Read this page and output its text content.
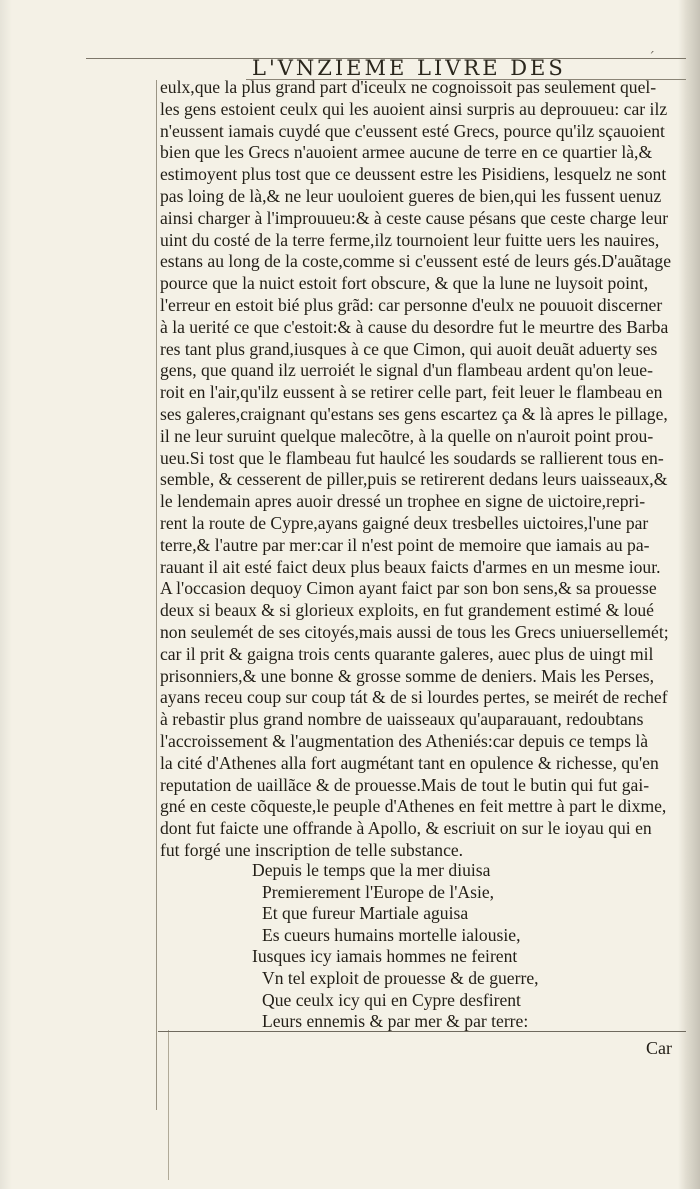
´
L'VNZIEME LIVRE DES
eulx,que la plus grand part d'iceulx ne cognoissoit pas seulement quel-
les gens estoient ceulx qui les auoient ainsi surpris au deprouueu: car ilz
n'eussent iamais cuydé que c'eussent esté Grecs, pource qu'ilz sçauoient
bien que les Grecs n'auoient armee aucune de terre en ce quartier là,&
estimoyent plus tost que ce deussent estre les Pisidiens, lesquelz ne sont
pas loing de là,& ne leur uouloient gueres de bien,qui les fussent uenuz
ainsi charger à l'improuueu:& à ceste cause pésans que ceste charge leur
uint du costé de la terre ferme,ilz tournoient leur fuitte uers les nauires,
estans au long de la coste,comme si c'eussent esté de leurs gés.D'auãtage
pource que la nuict estoit fort obscure, & que la lune ne luysoit point,
l'erreur en estoit bié plus grãd: car personne d'eulx ne pouuoit discerner
à la uerité ce que c'estoit:& à cause du desordre fut le meurtre des Barba
res tant plus grand,iusques à ce que Cimon, qui auoit deuãt aduerty ses
gens, que quand ilz uerroiét le signal d'un flambeau ardent qu'on leue-
roit en l'air,qu'ilz eussent à se retirer celle part, feit leuer le flambeau en
ses galeres,craignant qu'estans ses gens escartez ça & là apres le pillage,
il ne leur suruint quelque malecõtre, à la quelle on n'auroit point prou-
ueu.Si tost que le flambeau fut haulcé les soudards se rallierent tous en-
semble, & cesserent de piller,puis se retirerent dedans leurs uaisseaux,&
le lendemain apres auoir dressé un trophee en signe de uictoire,repri-
rent la route de Cypre,ayans gaigné deux tresbelles uictoires,l'une par
terre,& l'autre par mer:car il n'est point de memoire que iamais au pa-
rauant il ait esté faict deux plus beaux faicts d'armes en un mesme iour.
A l'occasion dequoy Cimon ayant faict par son bon sens,& sa prouesse
deux si beaux & si glorieux exploits, en fut grandement estimé & loué
non seulemét de ses citoyés,mais aussi de tous les Grecs uniuersellemét;
car il prit & gaigna trois cents quarante galeres, auec plus de uingt mil
prisonniers,& une bonne & grosse somme de deniers. Mais les Perses,
ayans receu coup sur coup tát & de si lourdes pertes, se meirét de rechef
à rebastir plus grand nombre de uaisseaux qu'auparauant, redoubtans
l'accroissement & l'augmentation des Atheniés:car depuis ce temps là
la cité d'Athenes alla fort augmétant tant en opulence & richesse, qu'en
reputation de uaillãce & de prouesse.Mais de tout le butin qui fut gai-
gné en ceste cõqueste,le peuple d'Athenes en feit mettre à part le dixme,
dont fut faicte une offrande à Apollo, & escriuit on sur le ioyau qui en
fut forgé une inscription de telle substance.
Depuis le temps que la mer diuisa
Premierement l'Europe de l'Asie,
Et que fureur Martiale aguisa
Es cueurs humains mortelle ialousie,
Iusques icy iamais hommes ne feirent
Vn tel exploit de prouesse & de guerre,
Que ceulx icy qui en Cypre desfirent
Leurs ennemis & par mer & par terre:
Car
